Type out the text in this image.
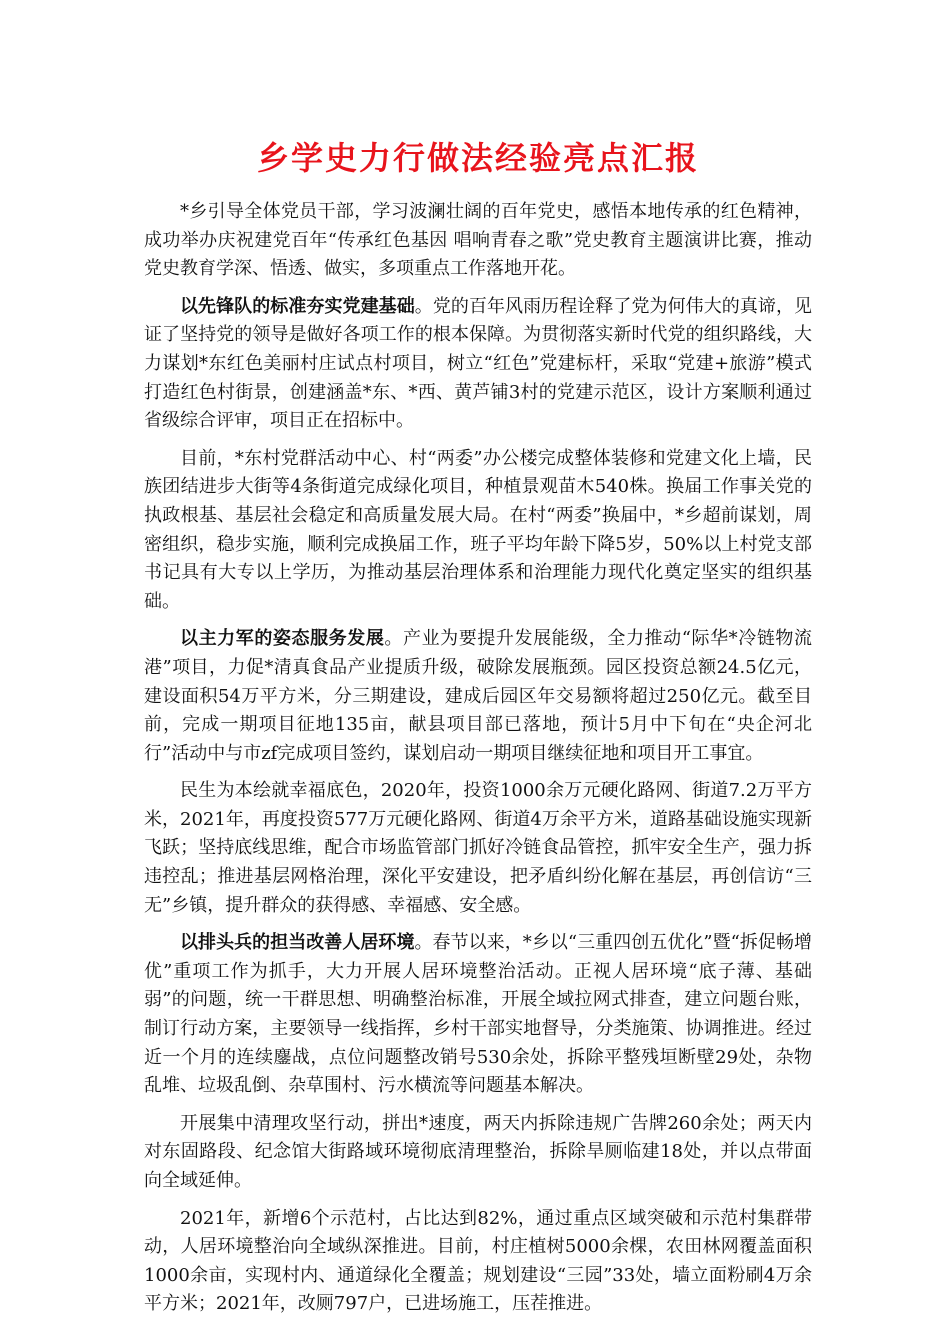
乡学史力行做法经验亮点汇报

*乡引导全体党员干部，学习波澜壮阔的百年党史，感悟本地传承的红色精神，成功举办庆祝建党百年“传承红色基因 唱响青春之歌”党史教育主题演讲比赛，推动党史教育学深、悟透、做实，多项重点工作落地开花。

以先锋队的标准夯实党建基础。党的百年风雨历程诠释了党为何伟大的真谛，见证了坚持党的领导是做好各项工作的根本保障。为贯彻落实新时代党的组织路线，大力谋划*东红色美丽村庄试点村项目，树立“红色”党建标杆，采取“党建+旅游”模式打造红色村街景，创建涵盖*东、*西、黄芦铺3村的党建示范区，设计方案顺利通过省级综合评审，项目正在招标中。

目前，*东村党群活动中心、村“两委”办公楼完成整体装修和党建文化上墙，民族团结进步大街等4条街道完成绿化项目，种植景观苗木540株。换届工作事关党的执政根基、基层社会稳定和高质量发展大局。在村“两委”换届中，*乡超前谋划，周密组织，稳步实施，顺利完成换届工作，班子平均年龄下降5岁，50%以上村党支部书记具有大专以上学历，为推动基层治理体系和治理能力现代化奠定坚实的组织基础。

以主力军的姿态服务发展。产业为要提升发展能级，全力推动“际华*冷链物流港”项目，力促*清真食品产业提质升级，破除发展瓶颈。园区投资总额24.5亿元，建设面积54万平方米，分三期建设，建成后园区年交易额将超过250亿元。截至目前，完成一期项目征地135亩，献县项目部已落地，预计5月中下旬在“央企河北行”活动中与市zf完成项目签约，谋划启动一期项目继续征地和项目开工事宜。

民生为本绘就幸福底色，2020年，投资1000余万元硬化路网、街道7.2万平方米，2021年，再度投资577万元硬化路网、街道4万余平方米，道路基础设施实现新飞跃；坚持底线思维，配合市场监管部门抓好冷链食品管控，抓牢安全生产，强力拆违控乱；推进基层网格治理，深化平安建设，把矛盾纠纷化解在基层，再创信访“三无”乡镇，提升群众的获得感、幸福感、安全感。

以排头兵的担当改善人居环境。春节以来，*乡以“三重四创五优化”暨“拆促畅增优”重项工作为抓手，大力开展人居环境整治活动。正视人居环境“底子薄、基础弱”的问题，统一干群思想、明确整治标准，开展全域拉网式排查，建立问题台账，制订行动方案，主要领导一线指挥，乡村干部实地督导，分类施策、协调推进。经过近一个月的连续鏖战，点位问题整改销号530余处，拆除平整残垣断壁29处，杂物乱堆、垃圾乱倒、杂草围村、污水横流等问题基本解决。

开展集中清理攻坚行动，拼出*速度，两天内拆除违规广告牌260余处；两天内对东固路段、纪念馆大街路域环境彻底清理整治，拆除旱厕临建18处，并以点带面向全域延伸。

2021年，新增6个示范村，占比达到82%，通过重点区域突破和示范村集群带动，人居环境整治向全域纵深推进。目前，村庄植树5000余棵，农田林网覆盖面积1000余亩，实现村内、通道绿化全覆盖；规划建设“三园”33处，墙立面粉刷4万余平方米；2021年，改厕797户，已进场施工，压茬推进。
